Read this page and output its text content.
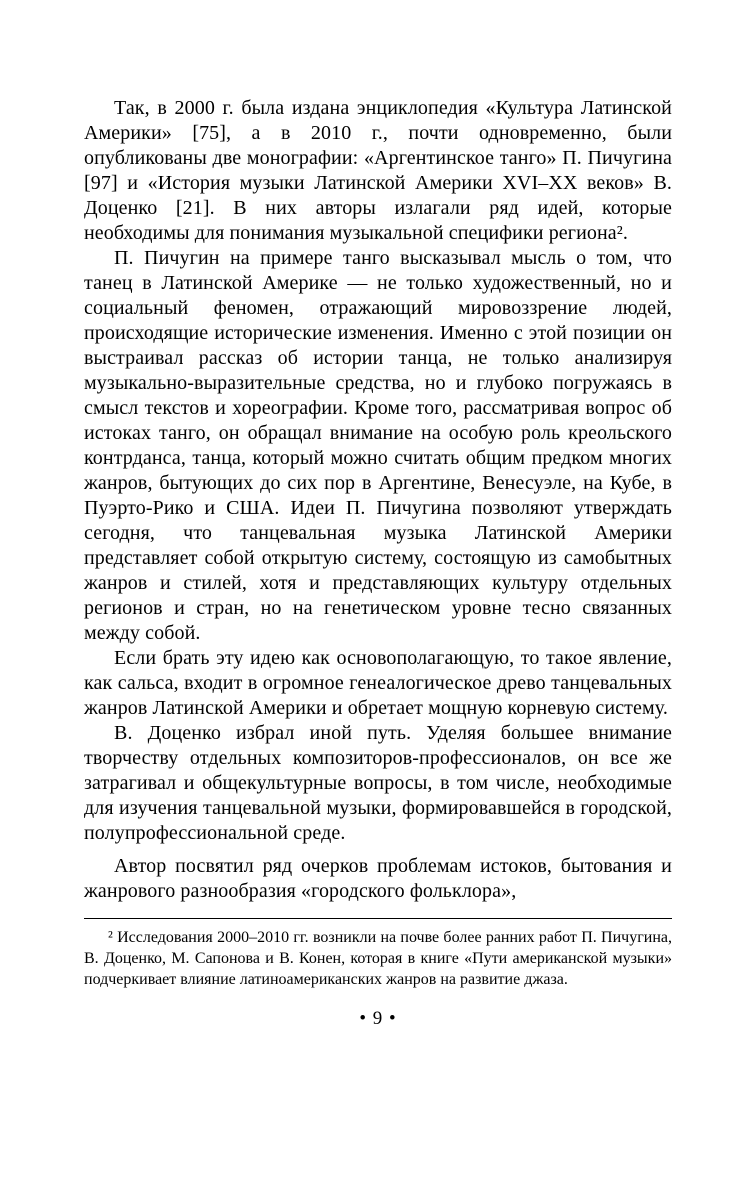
Так, в 2000 г. была издана энциклопедия «Культура Латинской Америки» [75], а в 2010 г., почти одновременно, были опубликованы две монографии: «Аргентинское танго» П. Пичугина [97] и «История музыки Латинской Америки XVI–XX веков» В. Доценко [21]. В них авторы излагали ряд идей, которые необходимы для понимания музыкальной специфики региона².

П. Пичугин на примере танго высказывал мысль о том, что танец в Латинской Америке — не только художественный, но и социальный феномен, отражающий мировоззрение людей, происходящие исторические изменения. Именно с этой позиции он выстраивал рассказ об истории танца, не только анализируя музыкально-выразительные средства, но и глубоко погружаясь в смысл текстов и хореографии. Кроме того, рассматривая вопрос об истоках танго, он обращал внимание на особую роль креольского контрданса, танца, который можно считать общим предком многих жанров, бытующих до сих пор в Аргентине, Венесуэле, на Кубе, в Пуэрто-Рико и США. Идеи П. Пичугина позволяют утверждать сегодня, что танцевальная музыка Латинской Америки представляет собой открытую систему, состоящую из самобытных жанров и стилей, хотя и представляющих культуру отдельных регионов и стран, но на генетическом уровне тесно связанных между собой.

Если брать эту идею как основополагающую, то такое явление, как сальса, входит в огромное генеалогическое древо танцевальных жанров Латинской Америки и обретает мощную корневую систему.

В. Доценко избрал иной путь. Уделяя большее внимание творчеству отдельных композиторов-профессионалов, он все же затрагивал и общекультурные вопросы, в том числе, необходимые для изучения танцевальной музыки, формировавшейся в городской, полупрофессиональной среде.

Автор посвятил ряд очерков проблемам истоков, бытования и жанрового разнообразия «городского фольклора»,

² Исследования 2000–2010 гг. возникли на почве более ранних работ П. Пичугина, В. Доценко, М. Сапонова и В. Конен, которая в книге «Пути американской музыки» подчеркивает влияние латиноамериканских жанров на развитие джаза.

• 9 •
